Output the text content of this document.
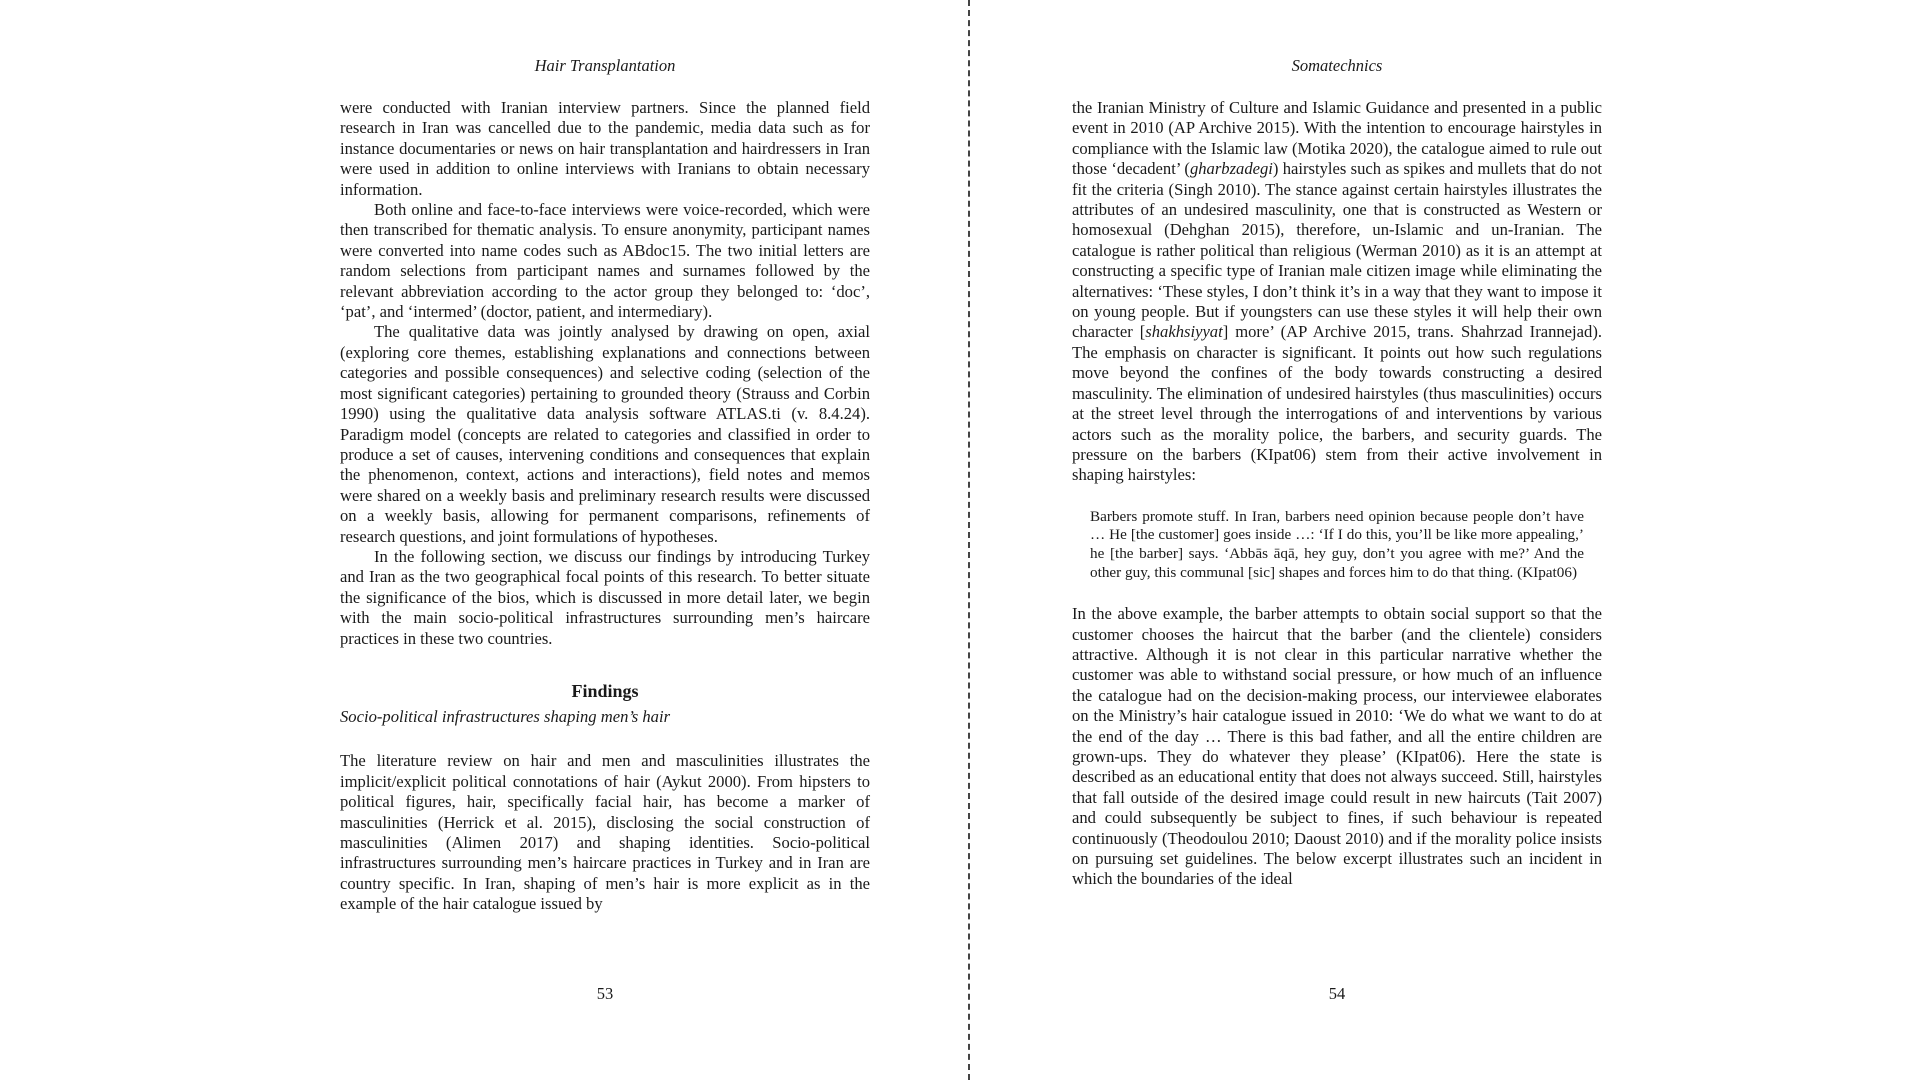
Hair Transplantation

were conducted with Iranian interview partners. Since the planned field research in Iran was cancelled due to the pandemic, media data such as for instance documentaries or news on hair transplantation and hairdressers in Iran were used in addition to online interviews with Iranians to obtain necessary information.

Both online and face-to-face interviews were voice-recorded, which were then transcribed for thematic analysis. To ensure anonymity, participant names were converted into name codes such as ABdoc15. The two initial letters are random selections from participant names and surnames followed by the relevant abbreviation according to the actor group they belonged to: ‘doc’, ‘pat’, and ‘intermed’ (doctor, patient, and intermediary).

The qualitative data was jointly analysed by drawing on open, axial (exploring core themes, establishing explanations and connections between categories and possible consequences) and selective coding (selection of the most significant categories) pertaining to grounded theory (Strauss and Corbin 1990) using the qualitative data analysis software ATLAS.ti (v. 8.4.24). Paradigm model (concepts are related to categories and classified in order to produce a set of causes, intervening conditions and consequences that explain the phenomenon, context, actions and interactions), field notes and memos were shared on a weekly basis and preliminary research results were discussed on a weekly basis, allowing for permanent comparisons, refinements of research questions, and joint formulations of hypotheses.

In the following section, we discuss our findings by introducing Turkey and Iran as the two geographical focal points of this research. To better situate the significance of the bios, which is discussed in more detail later, we begin with the main socio-political infrastructures surrounding men’s haircare practices in these two countries.

Findings
Socio-political infrastructures shaping men’s hair

The literature review on hair and men and masculinities illustrates the implicit/explicit political connotations of hair (Aykut 2000). From hipsters to political figures, hair, specifically facial hair, has become a marker of masculinities (Herrick et al. 2015), disclosing the social construction of masculinities (Alimen 2017) and shaping identities. Socio-political infrastructures surrounding men’s haircare practices in Turkey and in Iran are country specific. In Iran, shaping of men’s hair is more explicit as in the example of the hair catalogue issued by

53

Somatechnics

the Iranian Ministry of Culture and Islamic Guidance and presented in a public event in 2010 (AP Archive 2015). With the intention to encourage hairstyles in compliance with the Islamic law (Motika 2020), the catalogue aimed to rule out those ‘decadent’ (gharbzadegi) hairstyles such as spikes and mullets that do not fit the criteria (Singh 2010). The stance against certain hairstyles illustrates the attributes of an undesired masculinity, one that is constructed as Western or homosexual (Dehghan 2015), therefore, un-Islamic and un-Iranian. The catalogue is rather political than religious (Werman 2010) as it is an attempt at constructing a specific type of Iranian male citizen image while eliminating the alternatives: ‘These styles, I don’t think it’s in a way that they want to impose it on young people. But if youngsters can use these styles it will help their own character [shakhsiyyat] more’ (AP Archive 2015, trans. Shahrzad Irannejad). The emphasis on character is significant. It points out how such regulations move beyond the confines of the body towards constructing a desired masculinity. The elimination of undesired hairstyles (thus masculinities) occurs at the street level through the interrogations of and interventions by various actors such as the morality police, the barbers, and security guards. The pressure on the barbers (KIpat06) stem from their active involvement in shaping hairstyles:

Barbers promote stuff. In Iran, barbers need opinion because people don’t have … He [the customer] goes inside …: ‘If I do this, you’ll be like more appealing,’ he [the barber] says. ‘Abbās āqā, hey guy, don’t you agree with me?’ And the other guy, this communal [sic] shapes and forces him to do that thing. (KIpat06)

In the above example, the barber attempts to obtain social support so that the customer chooses the haircut that the barber (and the clientele) considers attractive. Although it is not clear in this particular narrative whether the customer was able to withstand social pressure, or how much of an influence the catalogue had on the decision-making process, our interviewee elaborates on the Ministry’s hair catalogue issued in 2010: ‘We do what we want to do at the end of the day … There is this bad father, and all the entire children are grown-ups. They do whatever they please’ (KIpat06). Here the state is described as an educational entity that does not always succeed. Still, hairstyles that fall outside of the desired image could result in new haircuts (Tait 2007) and could subsequently be subject to fines, if such behaviour is repeated continuously (Theodoulou 2010; Daoust 2010) and if the morality police insists on pursuing set guidelines. The below excerpt illustrates such an incident in which the boundaries of the ideal

54
